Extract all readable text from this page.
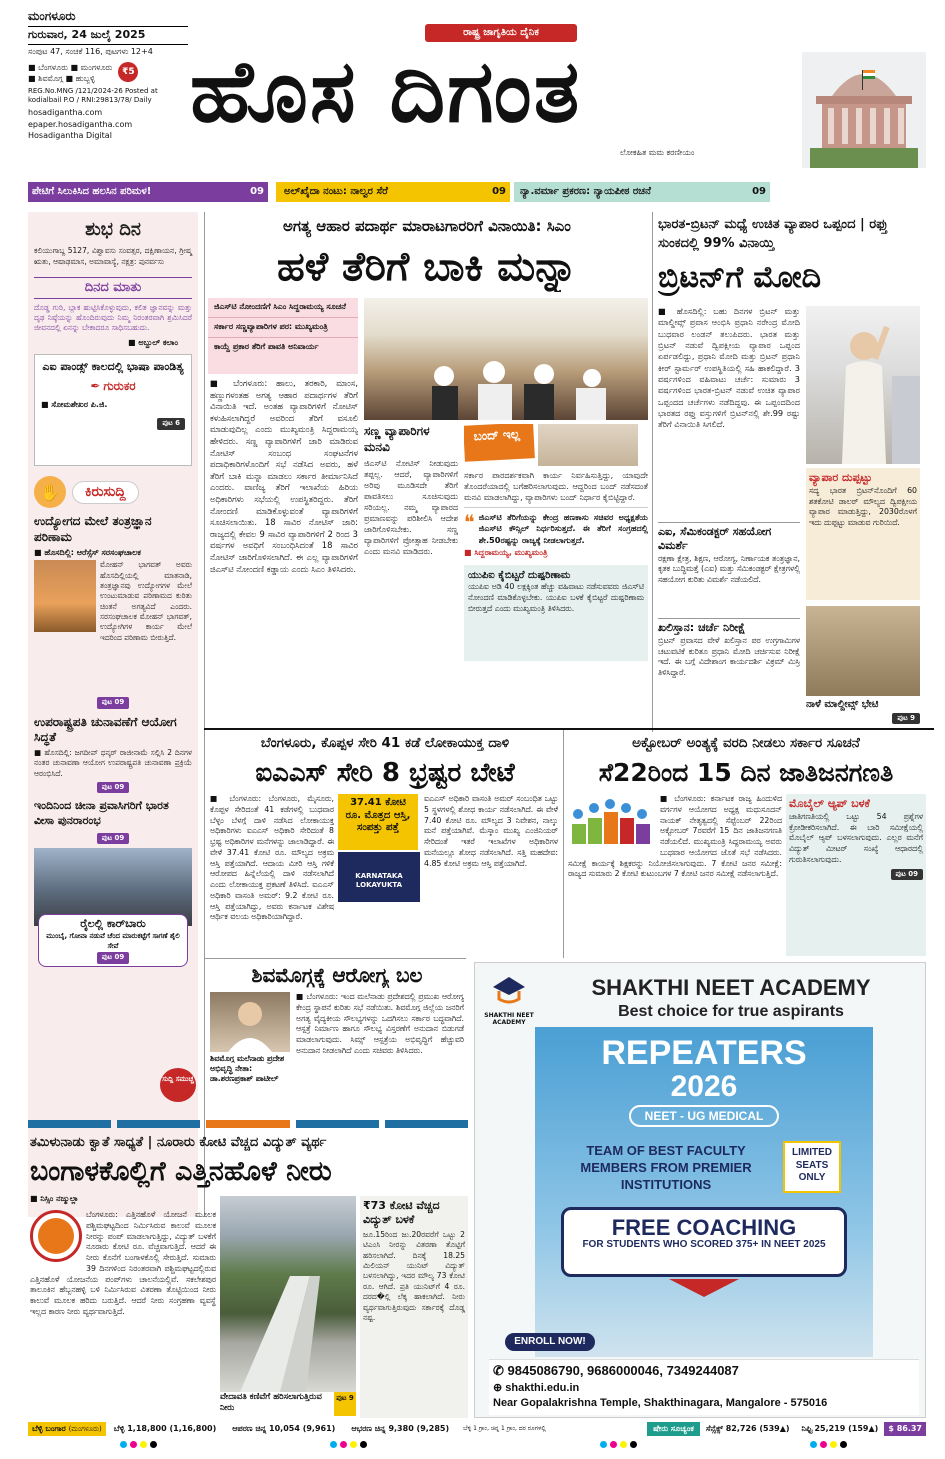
ಮಂಗಳೂರು
ಗುರುವಾರ, 24 ಜುಲೈ 2025
ಸಂಪುಟ 47, ಸಂಚಿಕೆ 116, ಪುಟಗಳು 12+4
■ ಬೆಂಗಳೂರು ■ ಮಂಗಳೂರು
■ ಶಿವಮೊಗ್ಗ ■ ಹುಬ್ಬಳ್ಳಿ
₹5
REG.No.MNG /121/2024-26 Posted at kodialbail P.O / RNI:29813/78/ Daily
hosadigantha.com
epaper.hosadigantha.com
Hosadigantha Digital
ರಾಷ್ಟ್ರ ಜಾಗೃತಿಯ ದೈನಿಕ
ಹೊಸ ದಿಗಂತ
ಲೋಕಹಿತ ಮಮ ಕರಣೀಯಂ
ಪೇಟಿಗೆ ಸಿಲುಕಿಸಿದ ಹಲಸಿನ ಪರಿಮಳ!	09	ಅಲ್‌ಖೈದಾ ನಂಟು: ನಾಲ್ವರ ಸೆರೆ	09	ನ್ಯಾ.ವರ್ಮಾ ಪ್ರಕರಣ: ನ್ಯಾಯಪೀಠ ರಚನೆ	09
ಶುಭ ದಿನ

ಕಲಿಯುಗಾಬ್ದ 5127, ವಿಶ್ವಾವಸು ಸಂವತ್ಸರ, ದಕ್ಷಿಣಾಯನ, ಗ್ರೀಷ್ಮ ಋತು, ಆಷಾಢಮಾಸ, ಅಮಾವಾಸ್ಯೆ, ನಕ್ಷತ್ರ: ಪುನರ್ವಸು

ದಿನದ ಮಾತು

ದೊಡ್ಡ ಗುರಿ, ಬ್ಲಾಕ ಹುಟ್ಟಿಸಿಕೊಳ್ಳುವುದು, ಕಲಿತ ಜ್ಞಾನವನ್ನು ಮತ್ತು ದೃಢ ನಿಷ್ಠೆಯನ್ನು ಹೊಂದಿರುವುದು ನಿಮ್ಮ ನಿರಂತರವಾಗಿ ಶ್ರಮಿಸಿದರೆ ಜೀವನದಲ್ಲಿ ಏನನ್ನು ಬೇಕಾದರೂ ಸಾಧಿಸಬಹುದು.

■ ಅಬ್ದುಲ್ ಕಲಾಂ
ಎಐ ಪಾಂಡ್ಸ್ ಕಾಲದಲ್ಲಿ ಭಾಷಾ ಪಾಂಡಿತ್ಯ
✒ ಗುರುಕರ
■ ಸೋಮಶೇಖರ ಪಿ.ಜಿ.
ಪುಟ 6
✋	ಕಿರುಸುದ್ದಿ
ಉದ್ಯೋಗದ ಮೇಲೆ ತಂತ್ರಜ್ಞಾನ ಪರಿಣಾಮ
■ ಹೊಸದಿಲ್ಲಿ: ಆರೆಸ್ಸೆಸ್ ಸರಸಂಘಚಾಲಕ

ಮೋಹನ್ ಭಾಗವತ್ ಅವರು ಹೊಸದಿಲ್ಲಿಯಲ್ಲಿ ಮಾತನಾಡಿ, ತಂತ್ರಜ್ಞಾನವು ಉದ್ಯೋಗಗಳ ಮೇಲೆ ಉಂಟುಮಾಡುವ ಪರಿಣಾಮದ ಕುರಿತು ಚಿಂತನೆ ಅಗತ್ಯವಿದೆ ಎಂದರು. ಸರಸಂಘಚಾಲಕ ಮೋಹನ್ ಭಾಗವತ್, ಉದ್ಯೋಗಿಗಳ ಕಾರ್ಯ ಮೇಲೆ ಇದರಿಂದ ಪರಿಣಾಮ ಬೀರುತ್ತಿದೆ.

ಪುಟ 09
ಉಪರಾಷ್ಟ್ರಪತಿ ಚುನಾವಣೆಗೆ ಆಯೋಗ ಸಿದ್ಧತೆ

■ ಹೊಸದಿಲ್ಲಿ: ಜಗದೀಪ್ ಧನ್ಕರ್ ರಾಜೀನಾಮೆ ಸಲ್ಲಿಸಿ 2 ದಿನಗಳ ನಂತರ ಚುನಾವಣಾ ಆಯೋಗ ಉಪರಾಷ್ಟ್ರಪತಿ ಚುನಾವಣಾ ಪ್ರಕ್ರಿಯೆ ಆರಂಭಿಸಿದೆ.

ಪುಟ 09
ಇಂದಿನಿಂದ ಚೀನಾ ಪ್ರವಾಸಿಗರಿಗೆ ಭಾರತ ವೀಸಾ ಪುನರಾರಂಭ
ಪುಟ 09
ರೈಲಲ್ಲಿ ಕಾರ್‌ಬಾರು
ಮುಂಬೈ, ಗೋವಾ ನಡುವೆ ಚೆಂದ ಮಾರುಕಟ್ಟೆಗೆ ಸಾಗಣೆ ಶೈಲಿ ಸೇವೆ
ಪುಟ 09
ಸುದ್ದಿ ಸಮುಚ್ಚ
ಅಗತ್ಯ ಆಹಾರ ಪದಾರ್ಥ ಮಾರಾಟಗಾರರಿಗೆ ವಿನಾಯಿತಿ: ಸಿಎಂ
ಹಳೆ ತೆರಿಗೆ ಬಾಕಿ ಮನ್ನಾ
ಜಿಎಸ್‌ಟಿ ನೋಂದಣಿಗೆ ಸಿಎಂ ಸಿದ್ದರಾಮಯ್ಯ ಸೂಚನೆ
ಸರ್ಕಾರ ಸಣ್ಣವ್ಯಾಪಾರಿಗಳ ಪರ: ಮುಖ್ಯಮಂತ್ರಿ
ಕಾಯ್ದೆ ಪ್ರಕಾರ ತೆರಿಗೆ ಪಾವತಿ ಅನಿವಾರ್ಯ

■ ಬೆಂಗಳೂರು: ಹಾಲು, ತರಕಾರಿ, ಮಾಂಸ, ಹಣ್ಣುಗಳಂತಹ ಅಗತ್ಯ ಆಹಾರ ಪದಾರ್ಥಗಳ ತೆರಿಗೆ ವಿನಾಯಿತಿ ಇದೆ. ಅಂತಹ ವ್ಯಾಪಾರಿಗಳಿಗೆ ನೋಟಿಸ್ ಕಳುಹಿಸಲಾಗಿದ್ದರೆ ಅವರಿಂದ ತೆರಿಗೆ ವಸೂಲಿ ಮಾಡುವುದಿಲ್ಲ ಎಂದು ಮುಖ್ಯಮಂತ್ರಿ ಸಿದ್ದರಾಮಯ್ಯ ಹೇಳಿದರು. ಸಣ್ಣ ವ್ಯಾಪಾರಿಗಳಿಗೆ ಜಾರಿ ಮಾಡಿರುವ ನೋಟಿಸ್ ಸಂಬಂಧ ಸಂಘಟನೆಗಳ ಪದಾಧಿಕಾರಿಗಳೊಂದಿಗೆ ಸಭೆ ನಡೆಸಿದ ಅವರು, ಹಳೆ ತೆರಿಗೆ ಬಾಕಿ ಮನ್ನಾ ಮಾಡಲು ಸರ್ಕಾರ ತೀರ್ಮಾನಿಸಿದೆ ಎಂದರು. ವಾಣಿಜ್ಯ ತೆರಿಗೆ ಇಲಾಖೆಯ ಹಿರಿಯ ಅಧಿಕಾರಿಗಳು ಸಭೆಯಲ್ಲಿ ಉಪಸ್ಥಿತರಿದ್ದರು. ತೆರಿಗೆ ನೋಂದಣಿ ಮಾಡಿಕೊಳ್ಳುವಂತೆ ವ್ಯಾಪಾರಿಗಳಿಗೆ ಸೂಚಿಸಲಾಯಿತು. 18 ಸಾವಿರ ನೋಟಿಸ್ ಜಾರಿ: ರಾಜ್ಯದಲ್ಲಿ ಕೇವಲ 9 ಸಾವಿರ ವ್ಯಾಪಾರಿಗಳಿಗೆ 2 ರಿಂದ 3 ವರ್ಷಗಳ ಅವಧಿಗೆ ಸಂಬಂಧಿಸಿದಂತೆ 18 ಸಾವಿರ ನೋಟಿಸ್ ಜಾರಿಗೊಳಿಸಲಾಗಿದೆ. ಈ ಎಲ್ಲ ವ್ಯಾಪಾರಿಗಳಿಗೆ ಜಿಎಸ್‌ಟಿ ನೋಂದಣಿ ಕಡ್ಡಾಯ ಎಂದು ಸಿಎಂ ತಿಳಿಸಿದರು.

ಸಣ್ಣ ವ್ಯಾಪಾರಿಗಳ ಮನವಿ

ಜಿಎಸ್‌ಟಿ ನೋಟಿಸ್ ನೀಡುವುದು ತಪ್ಪಲ್ಲ. ಆದರೆ, ವ್ಯಾಪಾರಿಗಳಿಗೆ ಅರಿವು ಮೂಡಿಸದೇ ತೆರಿಗೆ ಪಾವತಿಸಲು ಸೂಚಿಸುವುದು ಸರಿಯಲ್ಲ. ನಮ್ಮ ವ್ಯಾಪಾರದ ಪ್ರಮಾಣವನ್ನು ಪರಿಶೀಲಿಸಿ ಆದೇಶ ಜಾರಿಗೊಳಿಸಬೇಕು. ಸಣ್ಣ ವ್ಯಾಪಾರಿಗಳಿಗೆ ಪ್ರೋತ್ಸಾಹ ನೀಡಬೇಕು ಎಂದು ಮನವಿ ಮಾಡಿದರು.

ಬಂದ್ ಇಲ್ಲ

ಸರ್ಕಾರ ಪಾರದರ್ಶಕವಾಗಿ ಕಾರ್ಯ ನಿರ್ವಹಿಸುತ್ತಿದ್ದು, ಯಾವುದೇ ತೊಂದರೆಯಾದಲ್ಲಿ ಬಗೆಹರಿಸಲಾಗುವುದು. ಆದ್ದರಿಂದ ಬಂದ್ ನಡೆಸದಂತೆ ಮನವಿ ಮಾಡಲಾಗಿದ್ದು, ವ್ಯಾಪಾರಿಗಳು ಬಂದ್ ನಿರ್ಧಾರ ಕೈಬಿಟ್ಟಿದ್ದಾರೆ.

❝ ಜಿಎಸ್‌ಟಿ ತೆರಿಗೆಯನ್ನು ಕೇಂದ್ರ ಹಣಕಾಸು ಸಚಿವರ ಅಧ್ಯಕ್ಷತೆಯ ಜಿಎಸ್‌ಟಿ ಕೌನ್ಸಿಲ್ ನಿರ್ಧರಿಸುತ್ತದೆ. ಈ ತೆರಿಗೆ ಸಂಗ್ರಹದಲ್ಲಿ ಶೇ.50ರಷ್ಟನ್ನು ರಾಜ್ಯಕ್ಕೆ ನೀಡಲಾಗುತ್ತದೆ.

■ ಸಿದ್ದರಾಮಯ್ಯ, ಮುಖ್ಯಮಂತ್ರಿ
ಯುಪಿಐ ಕೈಬಿಟ್ಟರೆ ದುಷ್ಪರಿಣಾಮ

ಯುಪಿಐ ಅಡಿ 40 ಲಕ್ಷಕ್ಕಿಂತ ಹೆಚ್ಚು ವಹಿವಾಟು ನಡೆಸುವವರು ಜಿಎಸ್‌ಟಿ ನೋಂದಣಿ ಮಾಡಿಕೊಳ್ಳಬೇಕು. ಯುಪಿಐ ಬಳಕೆ ಕೈಬಿಟ್ಟರೆ ದುಷ್ಪರಿಣಾಮ ಬೀರುತ್ತದೆ ಎಂದು ಮುಖ್ಯಮಂತ್ರಿ ತಿಳಿಸಿದರು.

ಭಾರತ-ಬ್ರಿಟನ್ ಮಧ್ಯೆ ಉಚಿತ ವ್ಯಾಪಾರ ಒಪ್ಪಂದ | ರಫ್ತು ಸುಂಕದಲ್ಲಿ 99% ವಿನಾಯ್ತಿ
ಬ್ರಿಟನ್‌ಗೆ ಮೋದಿ

■ ಹೊಸದಿಲ್ಲಿ: ಬಹು ದಿನಗಳ ಬ್ರಿಟನ್ ಮತ್ತು ಮಾಲ್ಡೀವ್ಸ್ ಪ್ರವಾಸ ಆಂಭಿಸಿ ಪ್ರಧಾನಿ ನರೇಂದ್ರ ಮೋದಿ ಬುಧವಾರ ಲಂಡನ್ ತಲುಪಿದರು. ಭಾರತ ಮತ್ತು ಬ್ರಿಟನ್ ನಡುವೆ ದ್ವಿಪಕ್ಷೀಯ ವ್ಯಾಪಾರ ಒಪ್ಪಂದ ಏರ್ಪಡಲಿದ್ದು, ಪ್ರಧಾನಿ ಮೋದಿ ಮತ್ತು ಬ್ರಿಟನ್ ಪ್ರಧಾನಿ ಕೀರ್ ಸ್ಟಾರ್ಮರ್ ಉಪಸ್ಥಿತಿಯಲ್ಲಿ ಸಹಿ ಹಾಕಲಿದ್ದಾರೆ. 3 ವರ್ಷಗಳಿಂದ ವಹಿವಾಟು ಚರ್ಚೆ: ಸುಮಾರು 3 ವರ್ಷಗಳಿಂದ ಭಾರತ-ಬ್ರಿಟನ್ ನಡುವೆ ಉಚಿತ ವ್ಯಾಪಾರ ಒಪ್ಪಂದದ ಚರ್ಚೆಗಳು ನಡೆದಿದ್ದವು. ಈ ಒಪ್ಪಂದದಿಂದ ಭಾರತದ ರಫ್ತು ವಸ್ತುಗಳಿಗೆ ಬ್ರಿಟನ್‌ನಲ್ಲಿ ಶೇ.99 ರಷ್ಟು ತೆರಿಗೆ ವಿನಾಯಿತಿ ಸಿಗಲಿದೆ.

ವ್ಯಾಪಾರ ದುಪ್ಪಟ್ಟು

ಸದ್ಯ ಭಾರತ ಬ್ರಿಟನ್‌ನೊಂದಿಗೆ 60 ಶತಕೋಟಿ ಡಾಲರ್ ಮೌಲ್ಯದ ದ್ವಿಪಕ್ಷೀಯ ವ್ಯಾಪಾರ ಮಾಡುತ್ತಿದ್ದು, 2030ರೊಳಗೆ ಇದು ದುಪ್ಪಟ್ಟು ಮಾಡುವ ಗುರಿಯಿದೆ.

ಎಐ, ಸೆಮಿಕಂಡಕ್ಟರ್ ಸಹಯೋಗ ವಿಮರ್ಶೆ

ರಕ್ಷಣಾ ಕ್ಷೇತ್ರ, ಶಿಕ್ಷಣ, ಆರೋಗ್ಯ, ನಿರ್ಣಾಯಕ ತಂತ್ರಜ್ಞಾನ, ಕೃತಕ ಬುದ್ಧಿಮತ್ತೆ (ಎಐ) ಮತ್ತು ಸೆಮಿಕಂಡಕ್ಟರ್ ಕ್ಷೇತ್ರಗಳಲ್ಲಿ ಸಹಯೋಗ ಕುರಿತು ವಿಮರ್ಶೆ ನಡೆಯಲಿದೆ.

ಖಲಿಸ್ತಾನ: ಚರ್ಚೆ ನಿರೀಕ್ಷೆ

ಬ್ರಿಟನ್ ಪ್ರವಾಸದ ವೇಳೆ ಖಲಿಸ್ತಾನ ಪರ ಉಗ್ರಗಾಮಿಗಳ ಚಟುವಟಿಕೆ ಕುರಿತೂ ಪ್ರಧಾನಿ ಮೋದಿ ಚರ್ಚಿಸುವ ನಿರೀಕ್ಷೆ ಇದೆ. ಈ ಬಗ್ಗೆ ವಿದೇಶಾಂಗ ಕಾರ್ಯದರ್ಶಿ ವಿಕ್ರಮ್ ಮಿಸ್ರಿ ತಿಳಿಸಿದ್ದಾರೆ.

ನಾಳೆ ಮಾಲ್ದೀವ್ಸ್ ಭೇಟಿ
ಪುಟ 9
ಬೆಂಗಳೂರು, ಕೊಪ್ಪಳ ಸೇರಿ 41 ಕಡೆ ಲೋಕಾಯುಕ್ತ ದಾಳಿ
ಐಎಎಸ್ ಸೇರಿ 8 ಭ್ರಷ್ಟರ ಬೇಟೆ

■ ಬೆಂಗಳೂರು: ಬೆಂಗಳೂರು, ಮೈಸೂರು, ಕೊಪ್ಪಳ ಸೇರಿದಂತೆ 41 ಕಡೆಗಳಲ್ಲಿ ಬುಧವಾರ ಬೆಳ್ಳಂ ಬೆಳಗ್ಗೆ ದಾಳಿ ನಡೆಸಿದ ಲೋಕಾಯುಕ್ತ ಅಧಿಕಾರಿಗಳು ಐಎಎಸ್ ಅಧಿಕಾರಿ ಸೇರಿದಂತೆ 8 ಭ್ರಷ್ಟ ಅಧಿಕಾರಿಗಳ ಮನೆಗಳನ್ನು ಜಾಲಾಡಿದ್ದಾರೆ. ಈ ವೇಳೆ 37.41 ಕೋಟಿ ರೂ. ಮೌಲ್ಯದ ಅಕ್ರಮ ಆಸ್ತಿ ಪತ್ತೆಯಾಗಿದೆ. ಆದಾಯ ಮೀರಿ ಆಸ್ತಿ ಗಳಿಕೆ ಆರೋಪದ ಹಿನ್ನೆಲೆಯಲ್ಲಿ ದಾಳಿ ನಡೆಸಲಾಗಿದೆ ಎಂದು ಲೋಕಾಯುಕ್ತ ಪ್ರಕಟಣೆ ತಿಳಿಸಿದೆ. ಐಎಎಸ್ ಅಧಿಕಾರಿ ವಾಸಂತಿ ಅಮರ್: 9.2 ಕೋಟಿ ರೂ. ಆಸ್ತಿ ಪತ್ತೆಯಾಗಿದ್ದು, ಅವರು ಕರ್ನಾಟಕ ವಿಶೇಷ ಆರ್ಥಿಕ ವಲಯ ಅಧಿಕಾರಿಯಾಗಿದ್ದಾರೆ.

37.41 ಕೋಟಿ ರೂ. ಮೊತ್ತದ ಆಸ್ತಿ, ಸಂಪತ್ತು ಪತ್ತೆ
KARNATAKA LOKAYUKTA

ಐಎಎಸ್ ಅಧಿಕಾರಿ ವಾಸಂತಿ ಅಮರ್ ಸಂಬಂಧಿತ ಒಟ್ಟು 5 ಸ್ಥಳಗಳಲ್ಲಿ ಶೋಧ ಕಾರ್ಯ ನಡೆಸಲಾಗಿದೆ. ಈ ವೇಳೆ 7.40 ಕೋಟಿ ರೂ. ಮೌಲ್ಯದ 3 ನಿವೇಶನ, ನಾಲ್ಕು ಮನೆ ಪತ್ತೆಯಾಗಿವೆ. ಮೆಸ್ಕಾಂ ಮುಖ್ಯ ಎಂಜಿನಿಯರ್ ಸೇರಿದಂತೆ ಇತರೆ ಇಲಾಖೆಗಳ ಅಧಿಕಾರಿಗಳ ಮನೆಯಲ್ಲೂ ಶೋಧ ನಡೆಸಲಾಗಿದೆ. ಸತ್ತಿ ಮಹದೇವ: 4.85 ಕೋಟಿ ಅಕ್ರಮ ಆಸ್ತಿ ಪತ್ತೆಯಾಗಿದೆ.

ಅಕ್ಟೋಬರ್ ಅಂತ್ಯಕ್ಕೆ ವರದಿ ನೀಡಲು ಸರ್ಕಾರ ಸೂಚನೆ
ಸೆ22ರಿಂದ 15 ದಿನ ಜಾತಿಜನಗಣತಿ

■ ಬೆಂಗಳೂರು: ಕರ್ನಾಟಕ ರಾಜ್ಯ ಹಿಂದುಳಿದ ವರ್ಗಗಳ ಆಯೋಗದ ಅಧ್ಯಕ್ಷ ಮಧುಸೂದನ್ ನಾಯಕ್ ನೇತೃತ್ವದಲ್ಲಿ ಸೆಪ್ಟೆಂಬರ್ 22ರಿಂದ ಅಕ್ಟೋಬರ್ 7ರವರೆಗೆ 15 ದಿನ ಜಾತಿಜನಗಣತಿ ನಡೆಯಲಿದೆ. ಮುಖ್ಯಮಂತ್ರಿ ಸಿದ್ದರಾಮಯ್ಯ ಅವರು ಬುಧವಾರ ಆಯೋಗದ ಜೊತೆ ಸಭೆ ನಡೆಸಿದರು. ಸಮೀಕ್ಷೆ ಕಾರ್ಯಕ್ಕೆ ಶಿಕ್ಷಕರನ್ನು ನಿಯೋಜಿಸಲಾಗುವುದು. 7 ಕೋಟಿ ಜನರ ಸಮೀಕ್ಷೆ: ರಾಜ್ಯದ ಸುಮಾರು 2 ಕೋಟಿ ಕುಟುಂಬಗಳ 7 ಕೋಟಿ ಜನರ ಸಮೀಕ್ಷೆ ನಡೆಸಲಾಗುತ್ತಿದೆ.

ಮೊಬೈಲ್ ಆ್ಯಪ್ ಬಳಕೆ

ಜಾತಿಗಣತಿಯಲ್ಲಿ ಒಟ್ಟು 54 ಪ್ರಶ್ನೆಗಳ ಕ್ರೋಡೀಕರಿಸಲಾಗಿದೆ. ಈ ಬಾರಿ ಸಮೀಕ್ಷೆಯಲ್ಲಿ ಮೊಬೈಲ್ ಆ್ಯಪ್ ಬಳಸಲಾಗುವುದು. ಎಲ್ಲರ ಮನೆಗೆ ವಿದ್ಯುತ್ ಮೀಟರ್ ಸಂಖ್ಯೆ ಆಧಾರದಲ್ಲಿ ಗುರುತಿಸಲಾಗುವುದು.

ಪುಟ 09
ಶಿವಮೊಗ್ಗಕ್ಕೆ ಆರೋಗ್ಯ ಬಲ
ಶಿವಮೊಗ್ಗ ಮಲೆನಾಡು ಪ್ರದೇಶ ಅಭಿವೃದ್ಧಿ ನೇತಾ: ಡಾ.ಶರಣಪ್ರಕಾಶ್ ಪಾಟೀಲ್

■ ಬೆಂಗಳೂರು: ಇಂದ ಮಲೆನಾಡು ಪ್ರದೇಶದಲ್ಲಿ ಪ್ರಮುಖ ಆರೋಗ್ಯ ಕೇಂದ್ರ ಸ್ಥಾಪನೆ ಕುರಿತು ಸಭೆ ನಡೆಯಿತು. ಶಿವಮೊಗ್ಗ ಜಿಲ್ಲೆಯ ಜನರಿಗೆ ಅಗತ್ಯ ವೈದ್ಯಕೀಯ ಸೌಲಭ್ಯಗಳನ್ನು ಒದಗಿಸಲು ಸರ್ಕಾರ ಬದ್ಧವಾಗಿದೆ. ಆಸ್ಪತ್ರೆ ನಿರ್ಮಾಣ ಹಾಗೂ ಸೌಲಭ್ಯ ವಿಸ್ತರಣೆಗೆ ಅನುದಾನ ಬಿಡುಗಡೆ ಮಾಡಲಾಗುವುದು. ಸಿಮ್ಸ್ ಆಸ್ಪತ್ರೆಯ ಅಭಿವೃದ್ಧಿಗೆ ಹೆಚ್ಚುವರಿ ಅನುದಾನ ನೀಡಲಾಗಿದೆ ಎಂದು ಸಚಿವರು ತಿಳಿಸಿದರು.

ತಮಿಳುನಾಡು ಕ್ವಾತೆ ಸಾಧ್ಯತೆ | ನೂರಾರು ಕೋಟಿ ವೆಚ್ಚದ ವಿದ್ಯುತ್ ವ್ಯರ್ಥ
ಬಂಗಾಳಕೊಲ್ಲಿಗೆ ಎತ್ತಿನಹೊಳೆ ನೀರು
■ ನಿಸ್ಸಿಂ ನಜ್ಮುಲ್ಲಾ

ಬೆಂಗಳೂರು: ಎತ್ತಿನಹೊಳೆ ಯೋಜನೆ ಮೂಲಕ ಪಶ್ಚಿಮಘಟ್ಟದಿಂದ ನಿರ್ಮಿಸಿರುವ ಕಾಲುವೆ ಮೂಲಕ ನೀರನ್ನು ಪಂಪ್ ಮಾಡಲಾಗುತ್ತಿದ್ದು, ವಿದ್ಯುತ್ ಬಳಕೆಗೆ ನೂರಾರು ಕೋಟಿ ರೂ. ವೆಚ್ಚವಾಗುತ್ತಿದೆ. ಆದರೆ ಈ ನೀರು ಕೊನೆಗೆ ಬಂಗಾಳಕೊಲ್ಲಿ ಸೇರುತ್ತಿದೆ. ಸುಮಾರು 39 ದಿನಗಳಿಂದ ನಿರಂತರವಾಗಿ ಪಶ್ಚಿಮಘಟ್ಟದಲ್ಲಿರುವ ಎತ್ತಿನಹೊಳೆ ಯೋಜನೆಯ ಪಂಪ್‌ಗಳು ಚಾಲನೆಯಲ್ಲಿವೆ. ಸಕಲೇಶಪುರ ತಾಲೂಕಿನ ಹೆಬ್ಬನಹಳ್ಳಿ ಬಳಿ ನಿರ್ಮಿಸಿರುವ ವಿತರಣಾ ತೊಟ್ಟಿಯಿಂದ ನೀರು ಕಾಲುವೆ ಮೂಲಕ ಹರಿದು ಬರುತ್ತಿದೆ. ಆದರೆ ನೀರು ಸಂಗ್ರಹಣಾ ವ್ಯವಸ್ಥೆ ಇಲ್ಲದ ಕಾರಣ ನೀರು ವ್ಯರ್ಥವಾಗುತ್ತಿದೆ.

ವೇದಾವತಿ ಕಣಿವೆಗೆ ಹರಿಸಲಾಗುತ್ತಿರುವ ನೀರು
ಪುಟ 9
₹73 ಕೋಟಿ ವೆಚ್ಚದ ವಿದ್ಯುತ್ ಬಳಕೆ

ಜೂ.15ರಿಂದ ಜು.20ರವರೆಗೆ ಒಟ್ಟು 2 ಟಿಎಂಸಿ ನೀರನ್ನು ವಿತರಣಾ ತೊಟ್ಟಿಗೆ ಹರಿಸಲಾಗಿದೆ. ದಿನಕ್ಕೆ 18.25 ಮಿಲಿಯನ್ ಯುನಿಟ್ ವಿದ್ಯುತ್ ಬಳಸಲಾಗಿದ್ದು, ಇದರ ಮೌಲ್ಯ 73 ಕೋಟಿ ರೂ. ಆಗಿದೆ. ಪ್ರತಿ ಯುನಿಟ್‌ಗೆ 4 ರೂ. ದರದ�ಲ್ಲಿ ಲೆಕ್ಕ ಹಾಕಲಾಗಿದೆ. ನೀರು ವ್ಯರ್ಥವಾಗುತ್ತಿರುವುದು ಸರ್ಕಾರಕ್ಕೆ ದೊಡ್ಡ ನಷ್ಟ.

SHAKTHI NEET ACADEMY
SHAKTHI NEET ACADEMY
Best choice for true aspirants
REPEATERS
2026
NEET - UG MEDICAL
TEAM OF BEST FACULTY MEMBERS FROM PREMIER INSTITUTIONS
LIMITED SEATS ONLY
FREE COACHING
FOR STUDENTS WHO SCORED 375+ IN NEET 2025
ENROLL NOW!
✆ 9845086790, 9686000046, 7349244087
⊕ shakthi.edu.in
Near Gopalakrishna Temple, Shakthinagara, Mangalore - 575016
ಬೆಳ್ಳಿ ಬಂಗಾರ (ಮಂಗಳೂರು)	ಬೆಳ್ಳಿ 1,18,800 (1,16,800)	ಆಪರಣ ಚಿನ್ನ 10,054 (9,961)	ಆಭರಣ ಚಿನ್ನ 9,380 (9,285)	ಬೆಳ್ಳಿ 1 ಗ್ರಾಂ, ಚಿನ್ನ 1 ಗ್ರಾಂ, ದರ ರೂಗಳಲ್ಲಿ	ಷೇರು ಸೂಚ್ಯಂಕ	ಸೆನ್ಸೆಕ್ಸ್ 82,726 (539▲)	ನಿಫ್ಟಿ 25,219 (159▲)	$ 86.37
